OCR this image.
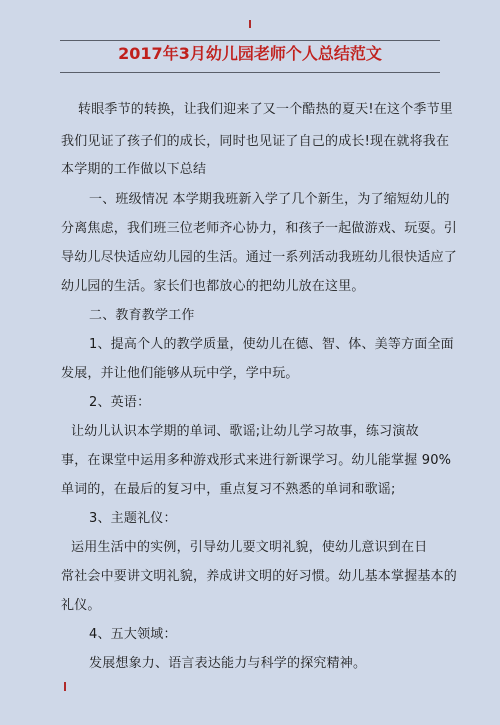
2017年3月幼儿园老师个人总结范文
转眼季节的转换，让我们迎来了又一个酷热的夏天!在这个季节里
我们见证了孩子们的成长，同时也见证了自己的成长!现在就将我在
本学期的工作做以下总结
一、班级情况 本学期我班新入学了几个新生，为了缩短幼儿的
分离焦虑，我们班三位老师齐心协力，和孩子一起做游戏、玩耍。引
导幼儿尽快适应幼儿园的生活。通过一系列活动我班幼儿很快适应了
幼儿园的生活。家长们也都放心的把幼儿放在这里。
二、教育教学工作
1、提高个人的教学质量，使幼儿在德、智、体、美等方面全面
发展，并让他们能够从玩中学，学中玩。
2、英语：
让幼儿认识本学期的单词、歌谣;让幼儿学习故事，练习演故
事，在课堂中运用多种游戏形式来进行新课学习。幼儿能掌握 90%
单词的，在最后的复习中，重点复习不熟悉的单词和歌谣;
3、主题礼仪：
运用生活中的实例，引导幼儿要文明礼貌，使幼儿意识到在日
常社会中要讲文明礼貌，养成讲文明的好习惯。幼儿基本掌握基本的
礼仪。
4、五大领域：
发展想象力、语言表达能力与科学的探究精神。
